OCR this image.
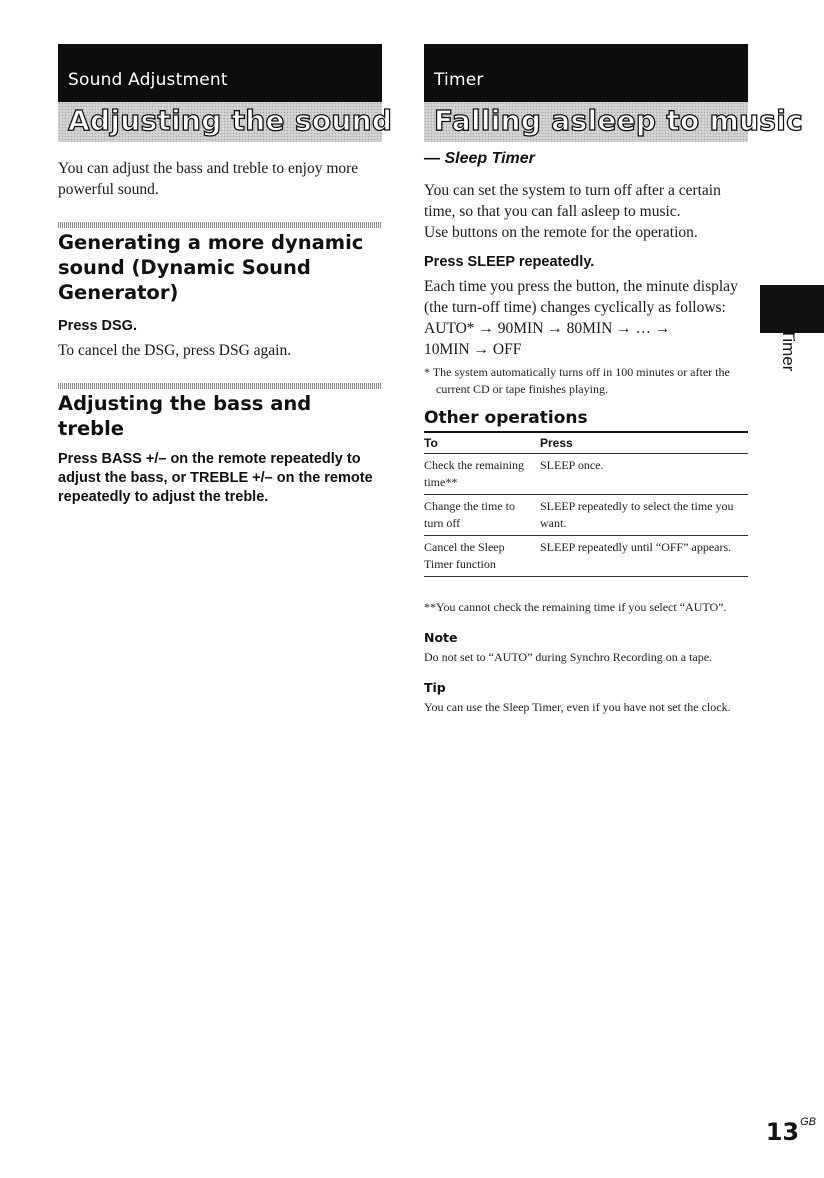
Sound Adjustment
Adjusting the sound

You can adjust the bass and treble to enjoy more powerful sound.

Generating a more dynamic sound (Dynamic Sound Generator)

Press DSG.

To cancel the DSG, press DSG again.

Adjusting the bass and treble

Press BASS +/– on the remote repeatedly to adjust the bass, or TREBLE +/– on the remote repeatedly to adjust the treble.

Timer
Falling asleep to music

— Sleep Timer

You can set the system to turn off after a certain time, so that you can fall asleep to music.

Use buttons on the remote for the operation.

Press SLEEP repeatedly.

Each time you press the button, the minute display (the turn-off time) changes cyclically as follows:

AUTO* → 90MIN → 80MIN → … →

10MIN → OFF

* The system automatically turns off in 100 minutes or after the current CD or tape finishes playing.

Other operations
To	Press
Check the remaining time**	SLEEP once.
Change the time to turn off	SLEEP repeatedly to select the time you want.
Cancel the Sleep Timer function	SLEEP repeatedly until “OFF” appears.

**You cannot check the remaining time if you select “AUTO”.

Note

Do not set to “AUTO” during Synchro Recording on a tape.

Tip

You can use the Sleep Timer, even if you have not set the clock.

Timer
$13^{GB}$
